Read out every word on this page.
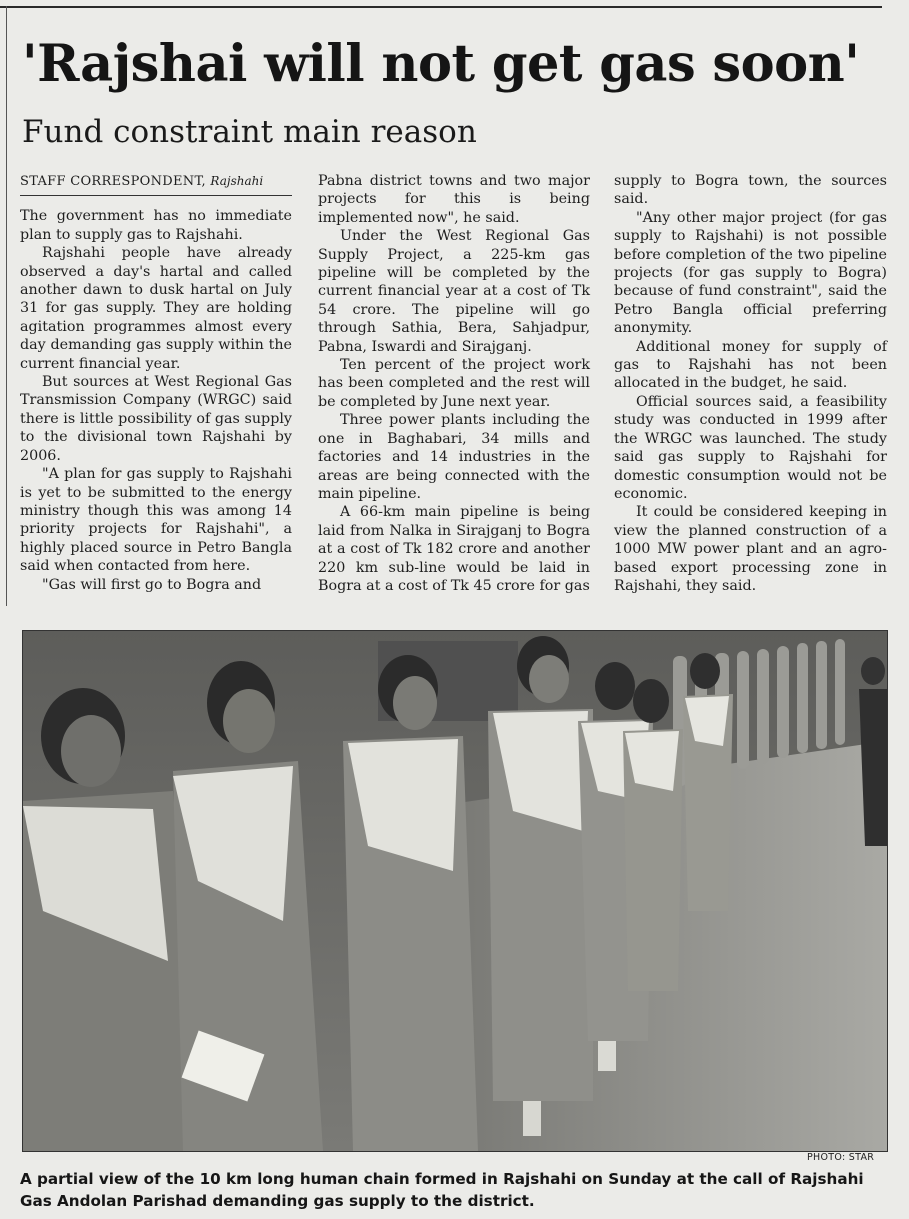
'Rajshai will not get gas soon'
Fund constraint main reason
STAFF CORRESPONDENT, Rajshahi

The government has no immediate plan to supply gas to Rajshahi.

Rajshahi people have already observed a day's hartal and called another dawn to dusk hartal on July 31 for gas supply. They are holding agitation programmes almost every day demanding gas supply within the current financial year.

But sources at West Regional Gas Transmission Company (WRGC) said there is little possibility of gas supply to the divisional town Rajshahi by 2006.

"A plan for gas supply to Rajshahi is yet to be submitted to the energy ministry though this was among 14 priority projects for Rajshahi", a highly placed source in Petro Bangla said when contacted from here.

"Gas will first go to Bogra and

Pabna district towns and two major projects for this is being implemented now", he said.

Under the West Regional Gas Supply Project, a 225-km gas pipeline will be completed by the current financial year at a cost of Tk 54 crore. The pipeline will go through Sathia, Bera, Sahjadpur, Pabna, Iswardi and Sirajganj.

Ten percent of the project work has been completed and the rest will be completed by June next year.

Three power plants including the one in Baghabari, 34 mills and factories and 14 industries in the areas are being connected with the main pipeline.

A 66-km main pipeline is being laid from Nalka in Sirajganj to Bogra at a cost of Tk 182 crore and another 220 km sub-line would be laid in Bogra at a cost of Tk 45 crore for gas

supply to Bogra town, the sources said.

"Any other major project (for gas supply to Rajshahi) is not possible before completion of the two pipeline projects (for gas supply to Bogra) because of fund constraint", said the Petro Bangla official preferring anonymity.

Additional money for supply of gas to Rajshahi has not been allocated in the budget, he said.

Official sources said, a feasibility study was conducted in 1999 after the WRGC was launched. The study said gas supply to Rajshahi for domestic consumption would not be economic.

It could be considered keeping in view the planned construction of a 1000 MW power plant and an agro-based export processing zone in Rajshahi, they said.

PHOTO: STAR
A partial view of the 10 km long human chain formed in Rajshahi on Sunday at the call of Rajshahi Gas Andolan Parishad demanding gas supply to the district.
